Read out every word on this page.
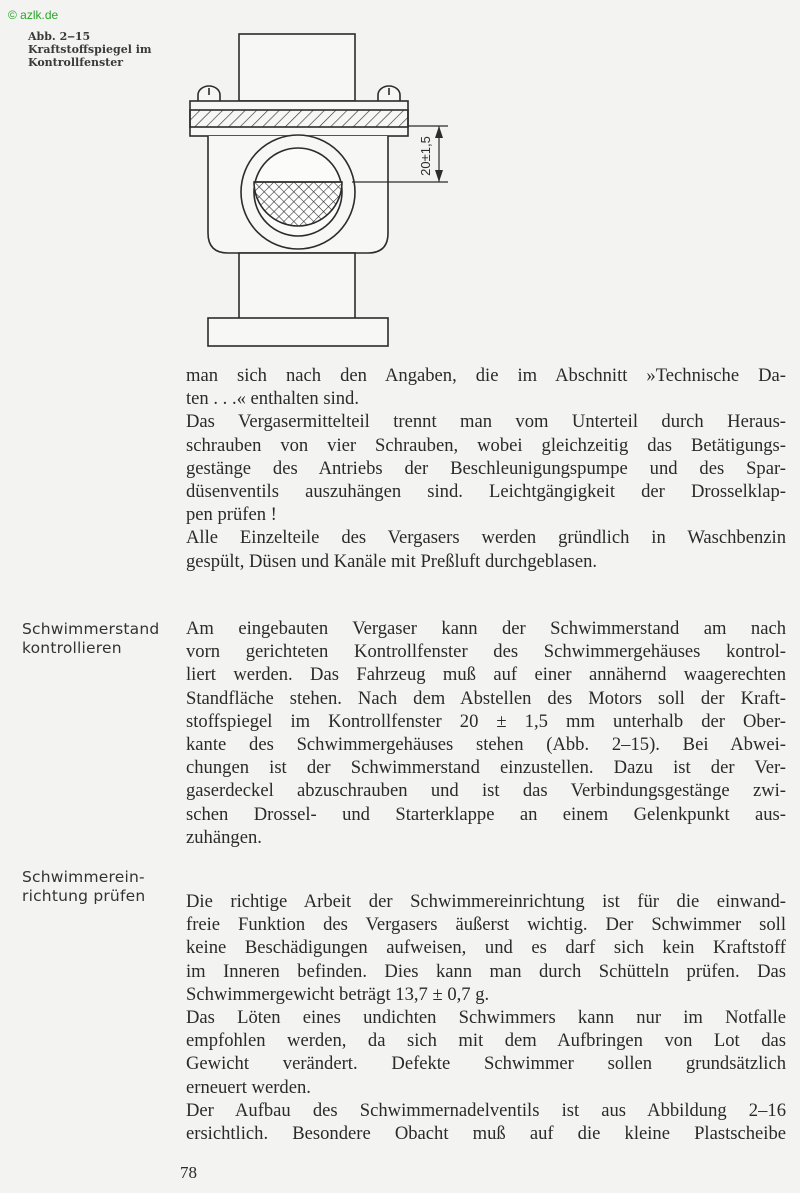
© azlk.de
Abb. 2‒15
Kraftstoffspiegel im
Kontrollfenster
20±1,5

man sich nach den Angaben, die im Abschnitt »Technische Da-
ten . . .« enthalten sind.

Das Vergasermittelteil trennt man vom Unterteil durch Heraus-
schrauben von vier Schrauben, wobei gleichzeitig das Betätigungs-
gestänge des Antriebs der Beschleunigungspumpe und des Spar-
düsenventils auszuhängen sind. Leichtgängigkeit der Drosselklap-
pen prüfen !

Alle Einzelteile des Vergasers werden gründlich in Waschbenzin
gespült, Düsen und Kanäle mit Preßluft durchgeblasen.

Schwimmerstand
kontrollieren

Am eingebauten Vergaser kann der Schwimmerstand am nach
vorn gerichteten Kontrollfenster des Schwimmergehäuses kontrol-
liert werden. Das Fahrzeug muß auf einer annähernd waagerechten
Standfläche stehen. Nach dem Abstellen des Motors soll der Kraft-
stoffspiegel im Kontrollfenster 20 ± 1,5 mm unterhalb der Ober-
kante des Schwimmergehäuses stehen (Abb. 2‒15). Bei Abwei-
chungen ist der Schwimmerstand einzustellen. Dazu ist der Ver-
gaserdeckel abzuschrauben und ist das Verbindungsgestänge zwi-
schen Drossel- und Starterklappe an einem Gelenkpunkt aus-
zuhängen.

Schwimmerein-
richtung prüfen Die richtige Arbeit der Schwimmereinrichtung ist für die einwand-
freie Funktion des Vergasers äußerst wichtig. Der Schwimmer soll
keine Beschädigungen aufweisen, und es darf sich kein Kraftstoff
im Inneren befinden. Dies kann man durch Schütteln prüfen. Das
Schwimmergewicht beträgt 13,7 ± 0,7 g.

Das Löten eines undichten Schwimmers kann nur im Notfalle
empfohlen werden, da sich mit dem Aufbringen von Lot das
Gewicht verändert. Defekte Schwimmer sollen grundsätzlich
erneuert werden.

Der Aufbau des Schwimmernadelventils ist aus Abbildung 2‒16
ersichtlich. Besondere Obacht muß auf die kleine Plastscheibe

78
